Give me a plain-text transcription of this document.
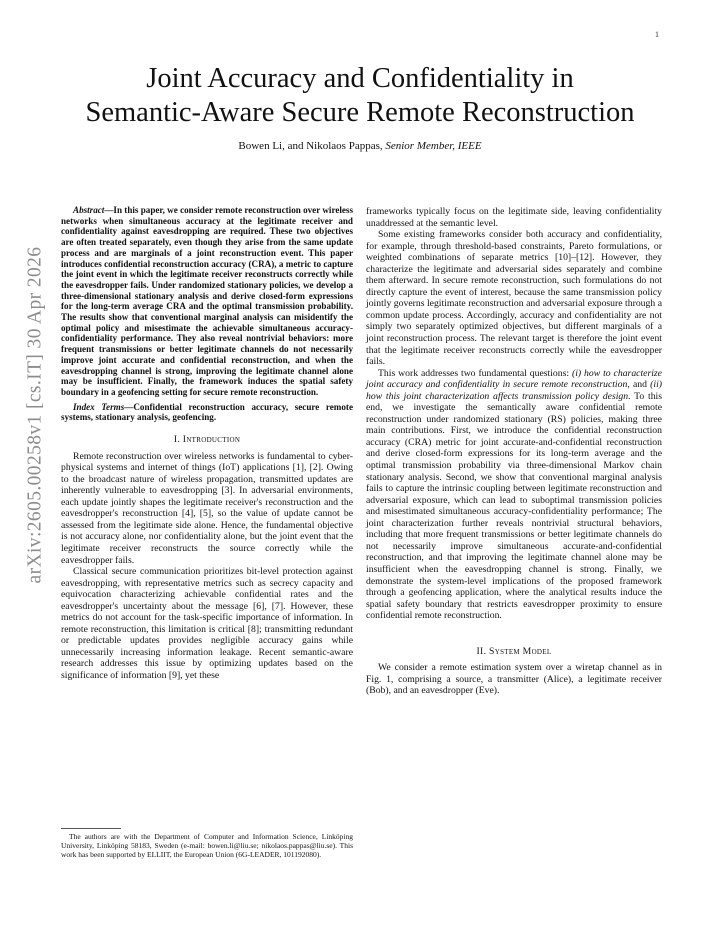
1
arXiv:2605.00258v1 [cs.IT] 30 Apr 2026
Joint Accuracy and Confidentiality in
Semantic-Aware Secure Remote Reconstruction
Bowen Li, and Nikolaos Pappas, Senior Member, IEEE

Abstract—In this paper, we consider remote reconstruction over wireless networks when simultaneous accuracy at the legitimate receiver and confidentiality against eavesdropping are required. These two objectives are often treated separately, even though they arise from the same update process and are marginals of a joint reconstruction event. This paper introduces confidential reconstruction accuracy (CRA), a metric to capture the joint event in which the legitimate receiver reconstructs correctly while the eavesdropper fails. Under randomized stationary policies, we develop a three-dimensional stationary analysis and derive closed-form expressions for the long-term average CRA and the optimal transmission probability. The results show that conventional marginal analysis can misidentify the optimal policy and misestimate the achievable simultaneous accuracy-confidentiality performance. They also reveal nontrivial behaviors: more frequent transmissions or better legitimate channels do not necessarily improve joint accurate and confidential reconstruction, and when the eavesdropping channel is strong, improving the legitimate channel alone may be insufficient. Finally, the framework induces the spatial safety boundary in a geofencing setting for secure remote reconstruction.

Index Terms—Confidential reconstruction accuracy, secure remote systems, stationary analysis, geofencing.

I. Introduction

Remote reconstruction over wireless networks is fundamental to cyber-physical systems and internet of things (IoT) applications [1], [2]. Owing to the broadcast nature of wireless propagation, transmitted updates are inherently vulnerable to eavesdropping [3]. In adversarial environments, each update jointly shapes the legitimate receiver's reconstruction and the eavesdropper's reconstruction [4], [5], so the value of update cannot be assessed from the legitimate side alone. Hence, the fundamental objective is not accuracy alone, nor confidentiality alone, but the joint event that the legitimate receiver reconstructs the source correctly while the eavesdropper fails.

Classical secure communication prioritizes bit-level protection against eavesdropping, with representative metrics such as secrecy capacity and equivocation characterizing achievable confidential rates and the eavesdropper's uncertainty about the message [6], [7]. However, these metrics do not account for the task-specific importance of information. In remote reconstruction, this limitation is critical [8]; transmitting redundant or predictable updates provides negligible accuracy gains while unnecessarily increasing information leakage. Recent semantic-aware research addresses this issue by optimizing updates based on the significance of information [9], yet these

The authors are with the Department of Computer and Information Science, Linköping University, Linköping 58183, Sweden (e-mail: bowen.li@liu.se; nikolaos.pappas@liu.se). This work has been supported by ELLIIT, the European Union (6G-LEADER, 101192080).

frameworks typically focus on the legitimate side, leaving confidentiality unaddressed at the semantic level.

Some existing frameworks consider both accuracy and confidentiality, for example, through threshold-based constraints, Pareto formulations, or weighted combinations of separate metrics [10]–[12]. However, they characterize the legitimate and adversarial sides separately and combine them afterward. In secure remote reconstruction, such formulations do not directly capture the event of interest, because the same transmission policy jointly governs legitimate reconstruction and adversarial exposure through a common update process. Accordingly, accuracy and confidentiality are not simply two separately optimized objectives, but different marginals of a joint reconstruction process. The relevant target is therefore the joint event that the legitimate receiver reconstructs correctly while the eavesdropper fails.

This work addresses two fundamental questions: (i) how to characterize joint accuracy and confidentiality in secure remote reconstruction, and (ii) how this joint characterization affects transmission policy design. To this end, we investigate the semantically aware confidential remote reconstruction under randomized stationary (RS) policies, making three main contributions. First, we introduce the confidential reconstruction accuracy (CRA) metric for joint accurate-and-confidential reconstruction and derive closed-form expressions for its long-term average and the optimal transmission probability via three-dimensional Markov chain stationary analysis. Second, we show that conventional marginal analysis fails to capture the intrinsic coupling between legitimate reconstruction and adversarial exposure, which can lead to suboptimal transmission policies and misestimated simultaneous accuracy-confidentiality performance; The joint characterization further reveals nontrivial structural behaviors, including that more frequent transmissions or better legitimate channels do not necessarily improve simultaneous accurate-and-confidential reconstruction, and that improving the legitimate channel alone may be insufficient when the eavesdropping channel is strong. Finally, we demonstrate the system-level implications of the proposed framework through a geofencing application, where the analytical results induce the spatial safety boundary that restricts eavesdropper proximity to ensure confidential remote reconstruction.

II. System Model

We consider a remote estimation system over a wiretap channel as in Fig. 1, comprising a source, a transmitter (Alice), a legitimate receiver (Bob), and an eavesdropper (Eve).
